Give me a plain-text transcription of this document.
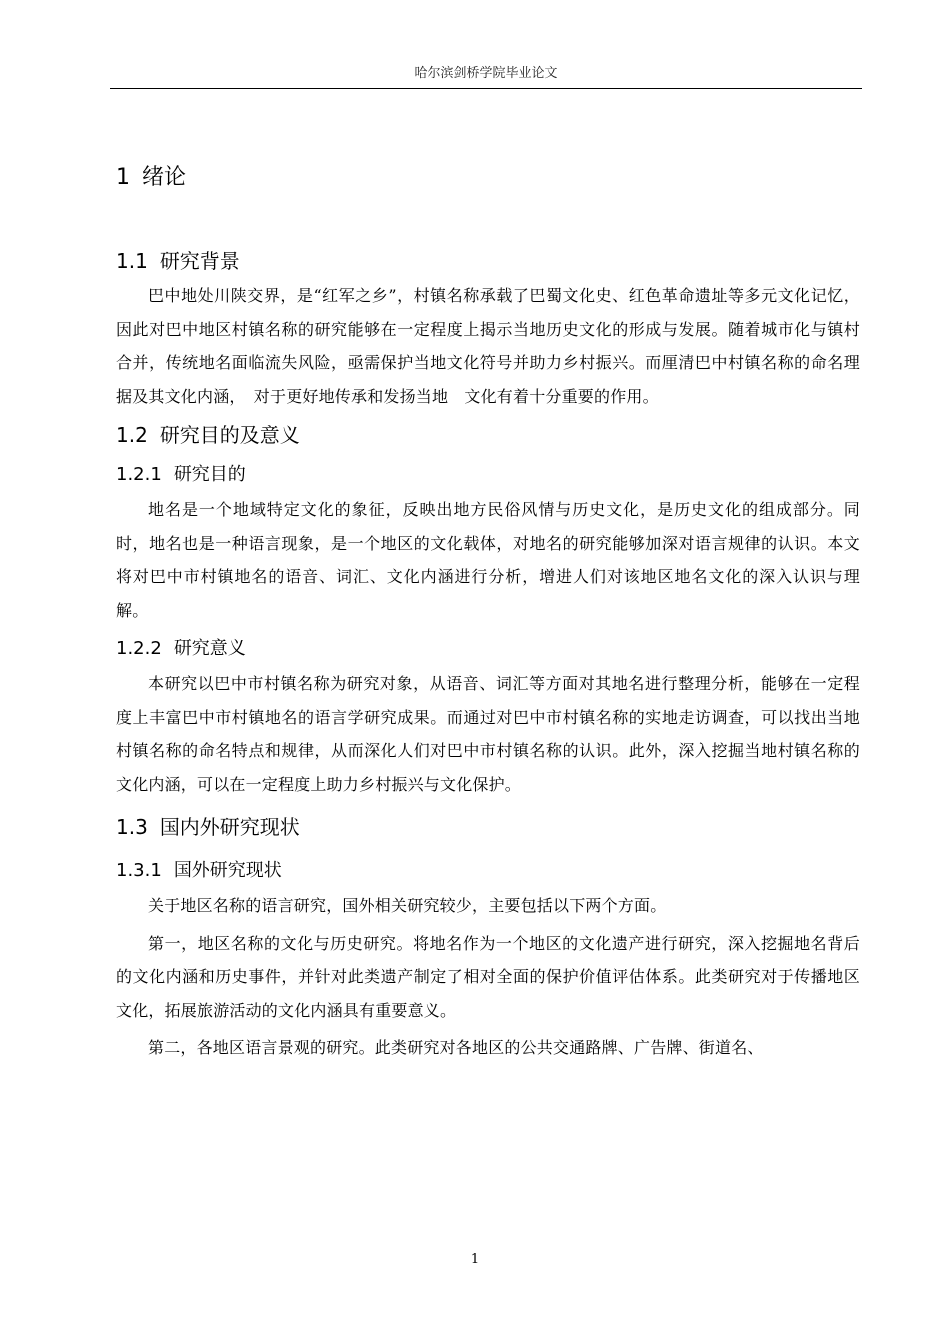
哈尔滨剑桥学院毕业论文
1 绪论
1.1 研究背景

巴中地处川陕交界，是“红军之乡”，村镇名称承载了巴蜀文化史、红色革命遗址等多元文化记忆，因此对巴中地区村镇名称的研究能够在一定程度上揭示当地历史文化的形成与发展。随着城市化与镇村合并，传统地名面临流失风险，亟需保护当地文化符号并助力乡村振兴。而厘清巴中村镇名称的命名理据及其文化内涵，　对于更好地传承和发扬当地　文化有着十分重要的作用。

1.2 研究目的及意义
1.2.1 研究目的

地名是一个地域特定文化的象征，反映出地方民俗风情与历史文化，是历史文化的组成部分。同时，地名也是一种语言现象，是一个地区的文化载体，对地名的研究能够加深对语言规律的认识。本文将对巴中市村镇地名的语音、词汇、文化内涵进行分析，增进人们对该地区地名文化的深入认识与理解。

1.2.2 研究意义

本研究以巴中市村镇名称为研究对象，从语音、词汇等方面对其地名进行整理分析，能够在一定程度上丰富巴中市村镇地名的语言学研究成果。而通过对巴中市村镇名称的实地走访调查，可以找出当地村镇名称的命名特点和规律，从而深化人们对巴中市村镇名称的认识。此外，深入挖掘当地村镇名称的文化内涵，可以在一定程度上助力乡村振兴与文化保护。

1.3 国内外研究现状
1.3.1 国外研究现状

关于地区名称的语言研究，国外相关研究较少，主要包括以下两个方面。

第一，地区名称的文化与历史研究。将地名作为一个地区的文化遗产进行研究，深入挖掘地名背后的文化内涵和历史事件，并针对此类遗产制定了相对全面的保护价值评估体系。此类研究对于传播地区文化，拓展旅游活动的文化内涵具有重要意义。

第二，各地区语言景观的研究。此类研究对各地区的公共交通路牌、广告牌、街道名、

1
